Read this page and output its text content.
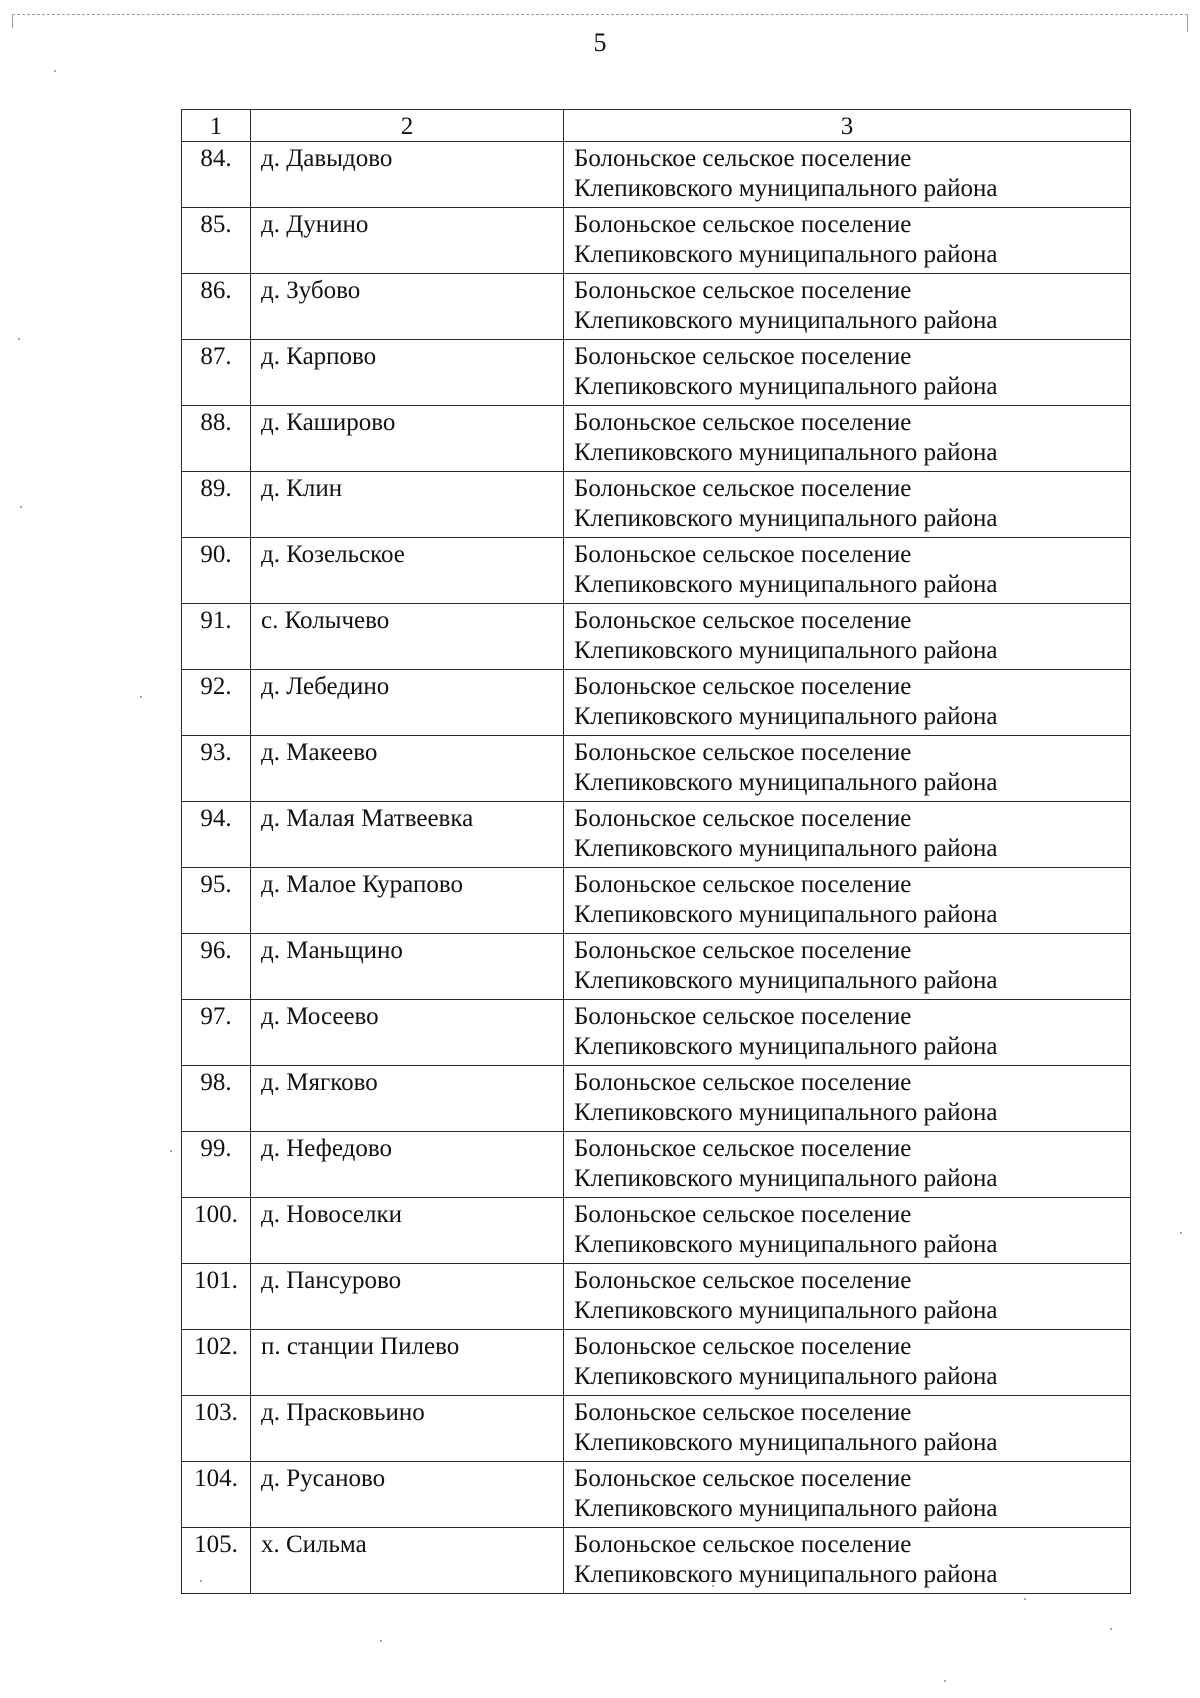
5
1	2	3
84.	д. Давыдово	Болоньское сельское поселение
Клепиковского муниципального района

85.	д. Дунино	Болоньское сельское поселение
Клепиковского муниципального района

86.	д. Зубово	Болоньское сельское поселение
Клепиковского муниципального района

87.	д. Карпово	Болоньское сельское поселение
Клепиковского муниципального района

88.	д. Каширово	Болоньское сельское поселение
Клепиковского муниципального района

89.	д. Клин	Болоньское сельское поселение
Клепиковского муниципального района

90.	д. Козельское	Болоньское сельское поселение
Клепиковского муниципального района

91.	с. Колычево	Болоньское сельское поселение
Клепиковского муниципального района

92.	д. Лебедино	Болоньское сельское поселение
Клепиковского муниципального района

93.	д. Макеево	Болоньское сельское поселение
Клепиковского муниципального района

94.	д. Малая Матвеевка	Болоньское сельское поселение
Клепиковского муниципального района

95.	д. Малое Курапово	Болоньское сельское поселение
Клепиковского муниципального района

96.	д. Маньщино	Болоньское сельское поселение
Клепиковского муниципального района

97.	д. Мосеево	Болоньское сельское поселение
Клепиковского муниципального района

98.	д. Мягково	Болоньское сельское поселение
Клепиковского муниципального района

99.	д. Нефедово	Болоньское сельское поселение
Клепиковского муниципального района

100.	д. Новоселки	Болоньское сельское поселение
Клепиковского муниципального района

101.	д. Пансурово	Болоньское сельское поселение
Клепиковского муниципального района

102.	п. станции Пилево	Болоньское сельское поселение
Клепиковского муниципального района

103.	д. Прасковьино	Болоньское сельское поселение
Клепиковского муниципального района

104.	д. Русаново	Болоньское сельское поселение
Клепиковского муниципального района

105.	х. Сильма	Болоньское сельское поселение
Клепиковского муниципального района
